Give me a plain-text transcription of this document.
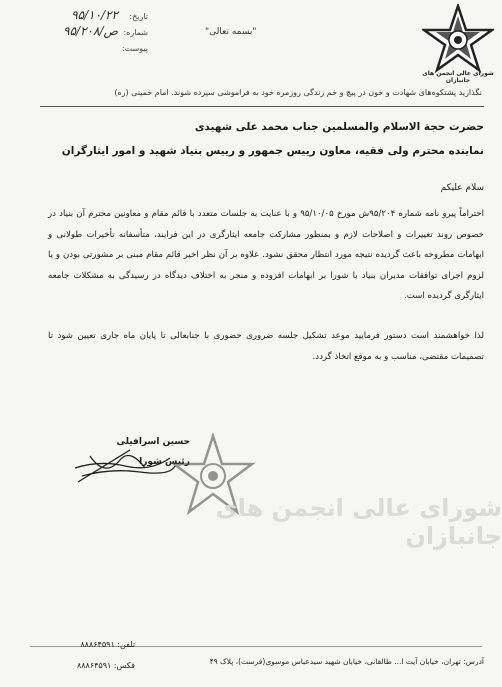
شورای عالی انجمن های جانبازان
"بسمه تعالی"
تاریخ:
۹۵/۱۰/۲۲
شماره:
۹۵/۲۰۸/ص
پیوست:
نگذارید پشتکوه‌های شهادت و خون در پیچ و خم زندگی روزمره خود به فراموشی سپرده شوند. امام خمینی (ره)
حضرت حجة الاسلام والمسلمین جناب محمد علی شهیدی
نماینده محترم ولی فقیه، معاون رییس جمهور و رییس بنیاد شهید و امور ایثارگران
سلام علیکم
احتراماً پیرو نامه شماره ۹۵/۲۰۴ش مورخ ۹۵/۱۰/۰۵ و با عنایت به جلسات متعدد با قائم مقام و معاونین محترم آن بنیاد در خصوص روند تغییرات و اصلاحات لازم و بمنظور مشارکت جامعه ایثارگری در این فرایند، متأسفانه تأخیرات طولانی و ابهامات مطروحه باعث گردیده نتیجه مورد انتظار محقق نشود. علاوه بر آن نظر اخیر قائم مقام مبنی بر مشورتی بودن و یا لزوم اجرای توافقات مدیران بنیاد با شورا بر ابهامات افزوده و منجر به اختلاف دیدگاه در رسیدگی به مشکلات جامعه ایثارگری گردیده است.
لذا خواهشمند است دستور فرمایید موعد تشکیل جلسه ضروری حضوری با جنابعالی تا پایان ماه جاری تعیین شود تا تصمیمات مقتضی، مناسب و به موقع اتخاذ گردد.
حسین اسرافیلی
رئیس شورا
شورای عالی انجمن های جانبازان
آدرس: تهران، خیابان آیت ا... طالقانی، خیابان شهید سیدعباس موسوی(فرست)، پلاک ۴۹
تلفن: ۸۸۸۶۴۵۹۱
فکس: ۸۸۸۶۴۵۹۱
